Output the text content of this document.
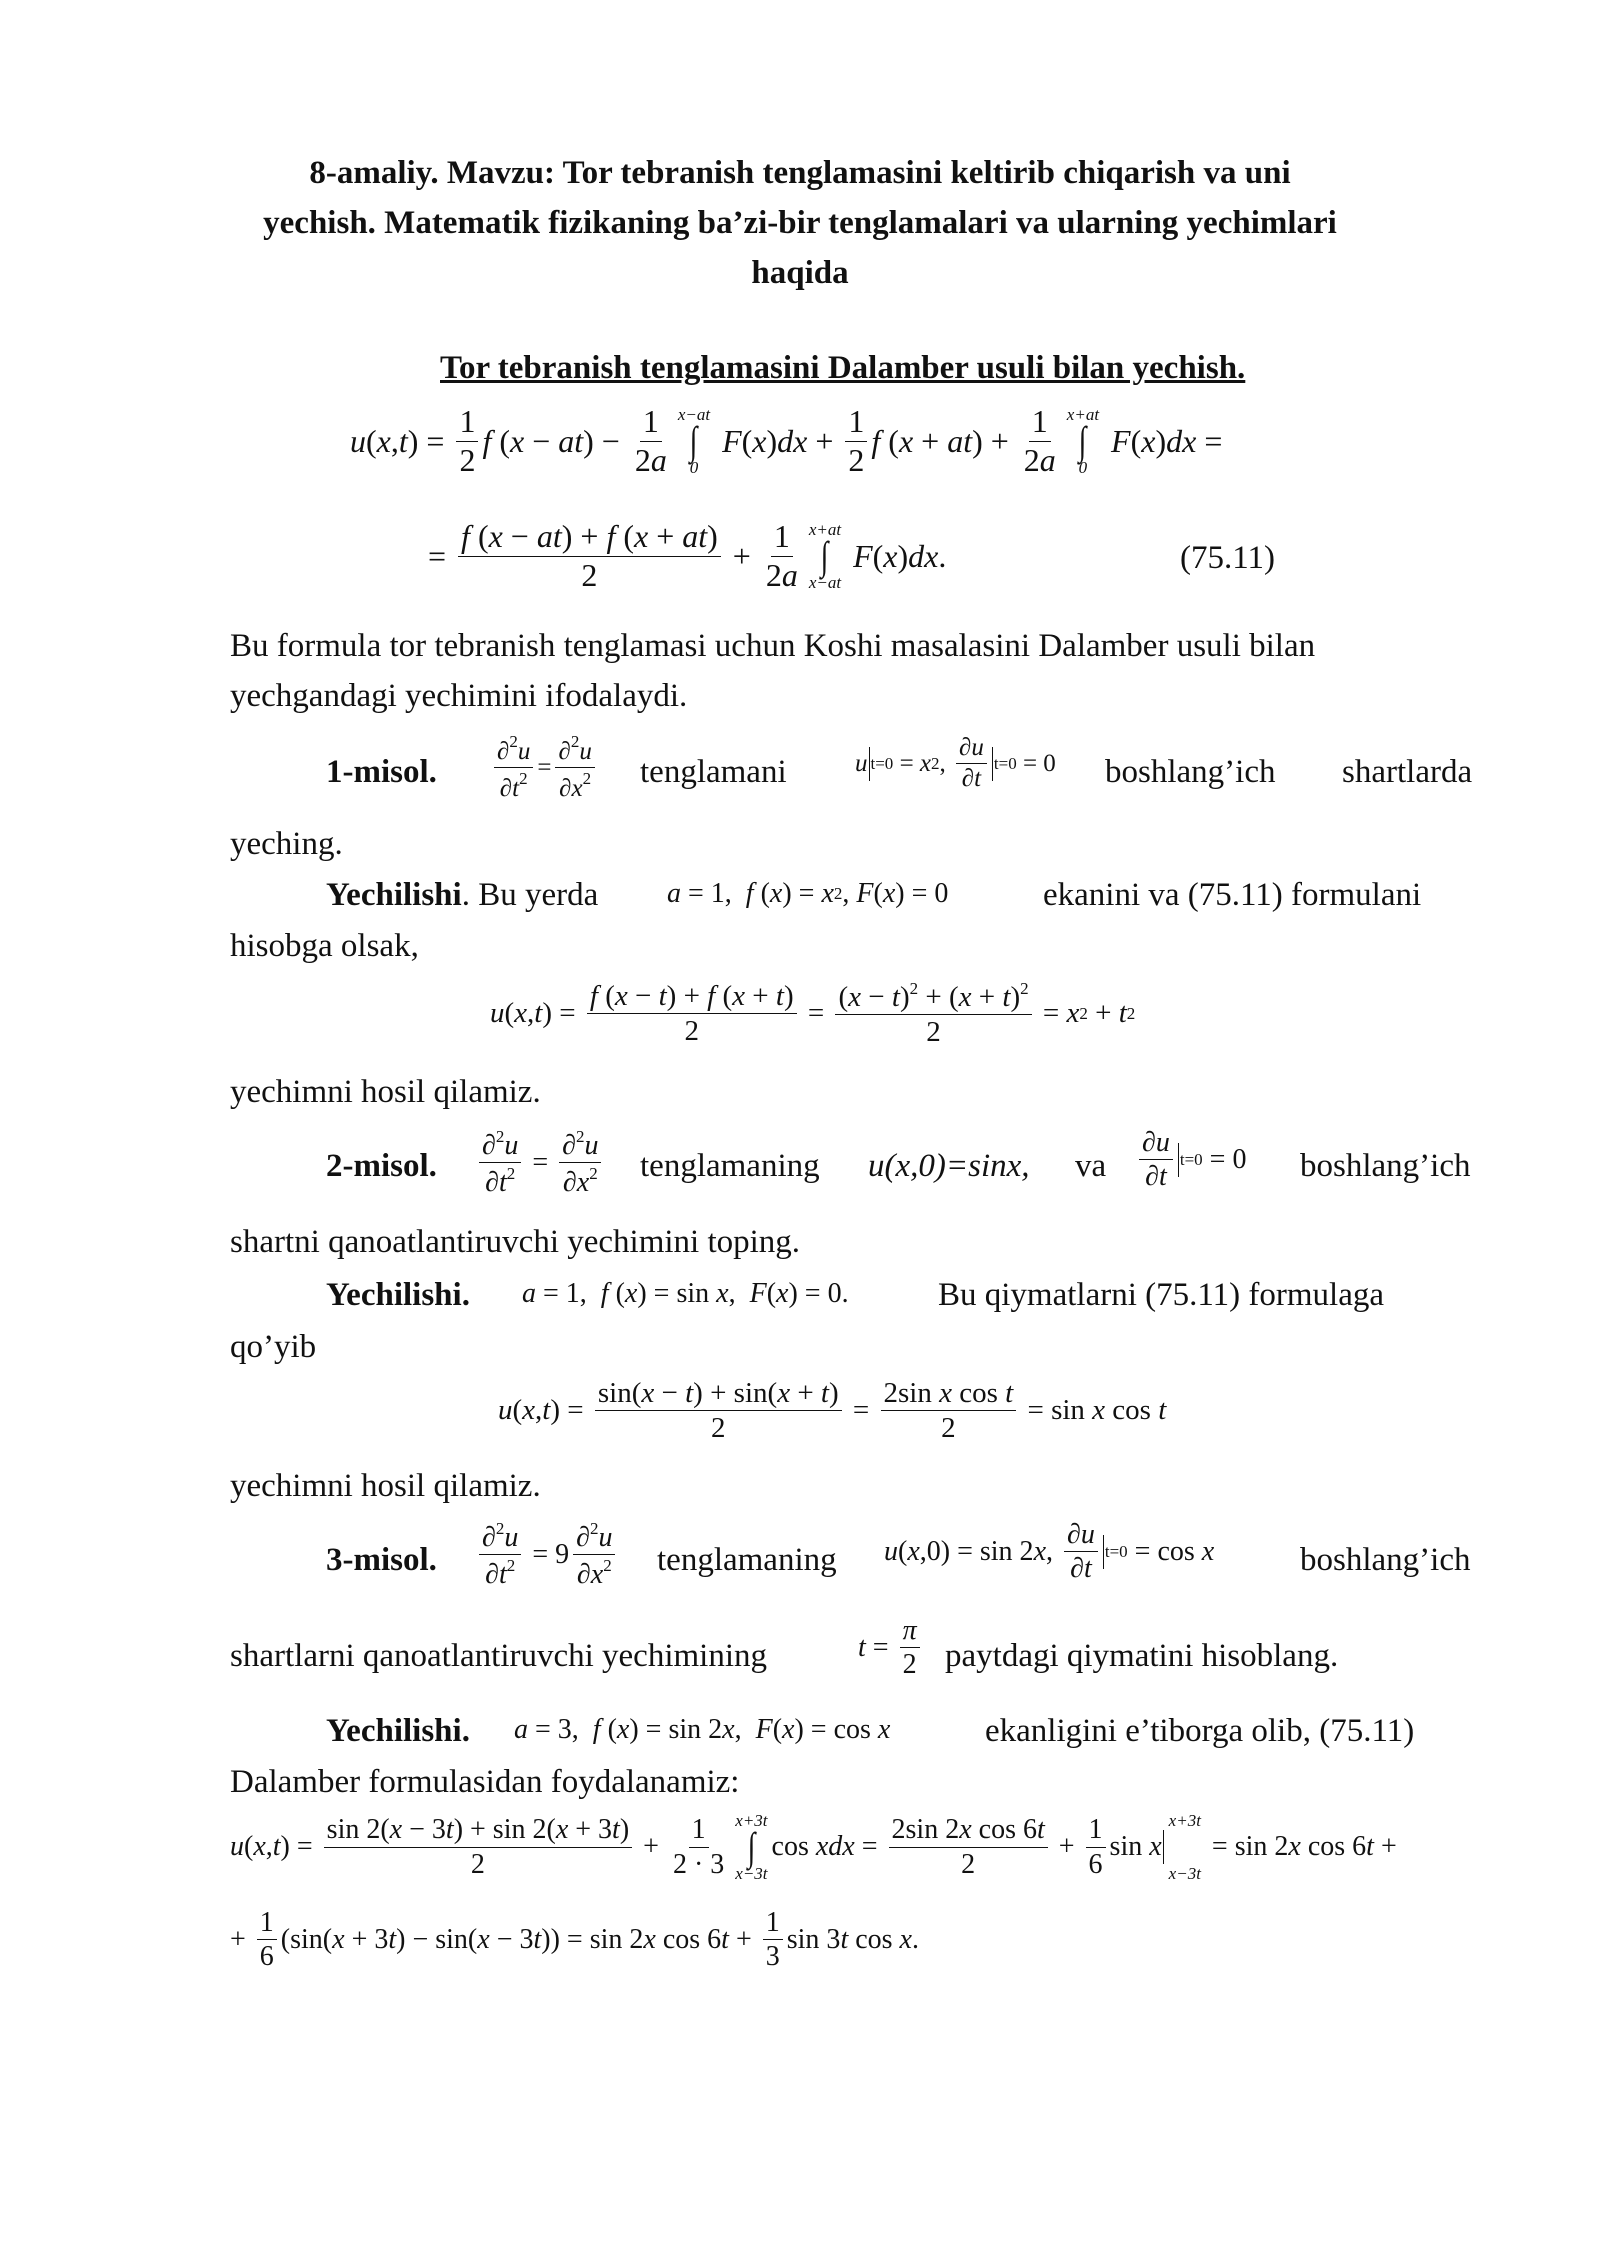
8-amaliy. Mavzu: Tor tebranish tenglamasini keltirib chiqarish va uni
yechish. Matematik fizikaning ba’zi-bir tenglamalari va ularning yechimlari
haqida
Tor tebranish tenglamasini Dalamber usuli bilan yechish.
u ( x , t ) = $\frac{1}{2}$ f ( x − at ) − $\frac{1}{2a} x-at$
∫
0

F ( x ) dx + $\frac{1}{2}$ f ( x + at ) + $\frac{1}{2a} x+at$
∫
0

F ( x ) dx =
= $\frac{f (x - at) + f (x + at)}{2} + \frac{1}{2a} x+at$
∫
x−at

F ( x ) dx .	(75.11)
Bu formula tor tebranish tenglamasi uchun Koshi masalasini Dalamber usuli bilan
yechgandagi yechimini ifodalaydi.
1-misol. $\frac{\partial^2u}{\partial t^2} = \frac{\partial^2u}{\partial x^2}$ tenglamani	u t=0 = x 2 , $\frac{\partial u}{\partial t} t=0 = 0$ boshlang’ich shartlarda
yeching.
Yechilishi. Bu yerda a = 1, f ( x ) = x 2 , F ( x ) = 0	ekanini va (75.11) formulani
hisobga olsak,
u ( x , t ) = $\frac{f (x - t) + f (x + t)}{2} = \frac{(x - t)^2 + (x + t)^2}{2} = x$ 2 + t 2
yechimni hosil qilamiz.
2-misol. $\frac{\partial^2u}{\partial t^2} = \frac{\partial^2u}{\partial x^2}$ tenglamaning u(x,0)=sinx, va $\frac{\partial u}{\partial t} t=0 = 0$ boshlang’ich
shartni qanoatlantiruvchi yechimini toping.
Yechilishi. a = 1, f ( x ) = sin x , F ( x ) = 0.	Bu qiymatlarni (75.11) formulaga
qo’yib
u ( x , t ) = $\frac{\sin(x - t) + \sin(x + t)}{2} = \frac{\text{2sin x cos t}}{2} = \sin x$ cos t
yechimni hosil qilamiz.
3-misol. $\frac{\partial^2u}{\partial t^2} = 9 \frac{\partial^2u}{\partial x^2}$ tenglamaning u ( x ,0) = sin 2 x , $\frac{\partial u}{\partial t} t=0 = \cos x$	boshlang’ich
shartlarni qanoatlantiruvchi yechimining	$t = \frac{\pi}{2}$ paytdagi qiymatini hisoblang.
Yechilishi. a = 3, f ( x ) = sin 2 x , F ( x ) = cos x	ekanligini e’tiborga olib, (75.11)
Dalamber formulasidan foydalanamiz:
u ( x , t ) = $\frac{\sin 2(x - 3t) + \sin 2(x + 3t)}{2} + \frac{1}{2 \cdot 3} x+3t$
∫
x−3t
cos xdx = $\frac{\text{2sin 2x cos 6t}}{2} + \frac{1}{6}$ sin x
x+3t
x−3t
= sin 2 x cos 6 t +
+ $\frac{1}{6} (\sin$( x + 3 t ) − sin( x − 3 t )) = sin 2 x cos 6 $t + \frac{1}{3}$ sin 3 t cos x .
